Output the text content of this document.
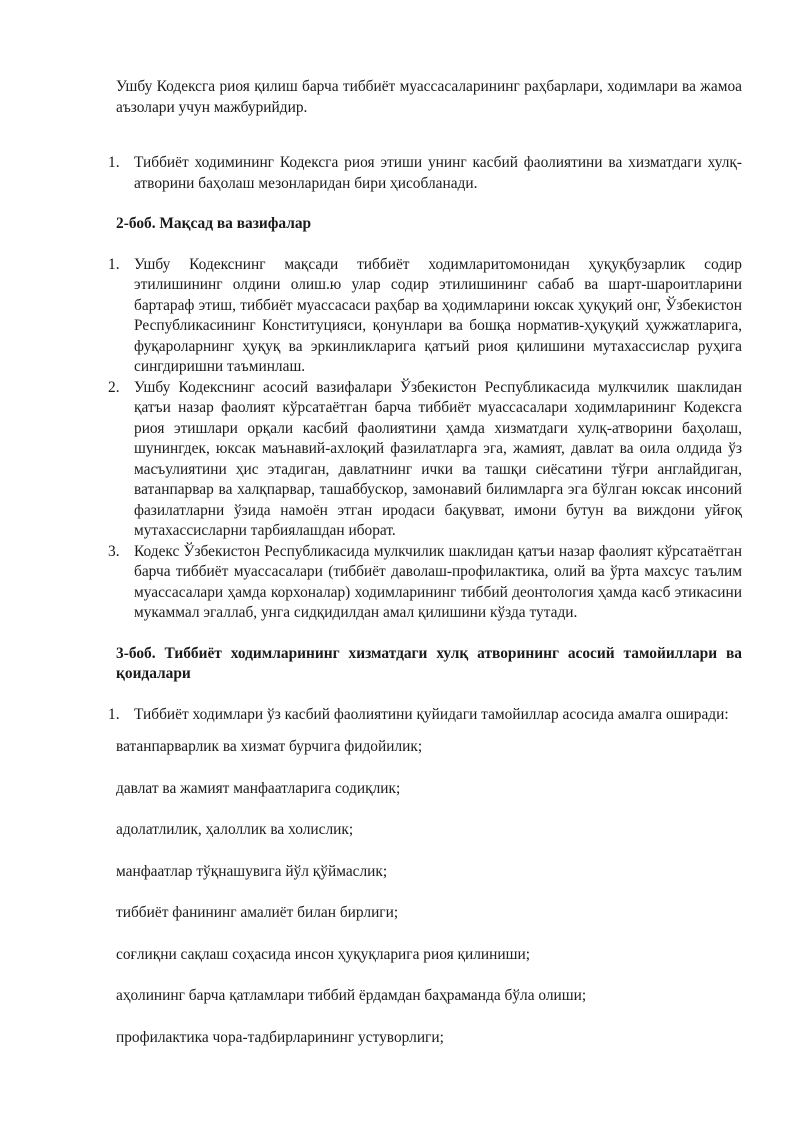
Ушбу Кодексга риоя қилиш барча тиббиёт муассасаларининг раҳбарлари, ходимлари ва жамоа аъзолари учун мажбурийдир.

1. Тиббиёт ходимининг Кодексга риоя этиши унинг касбий фаолиятини ва хизматдаги хулқ-атворини баҳолаш мезонларидан бири ҳисобланади.

2-боб. Мақсад ва вазифалар

1. Ушбу Кодекснинг мақсади тиббиёт ходимларитомонидан ҳуқуқбузарлик содир этилишининг олдини олиш.ю улар содир этилишининг сабаб ва шарт-шароитларини бартараф этиш, тиббиёт муассасаси раҳбар ва ҳодимларини юксак ҳуқуқий онг, Ўзбекистон Республикасининг Конституцияси, қонунлари ва бошқа норматив-ҳуқуқий ҳужжатларига, фуқароларнинг ҳуқуқ ва эркинликларига қатъий риоя қилишини мутахассислар руҳига сингдиришни таъминлаш.
2. Ушбу Кодекснинг асосий вазифалари Ўзбекистон Республикасида мулкчилик шаклидан қатъи назар фаолият кўрсатаётган барча тиббиёт муассасалари ходимларининг Кодексга риоя этишлари орқали касбий фаолиятини ҳамда хизматдаги хулқ-атворини баҳолаш, шунингдек, юксак маънавий-ахлоқий фазилатларга эга, жамият, давлат ва оила олдида ўз масъулиятини ҳис этадиган, давлатнинг ички ва ташқи сиёсатини тўғри англайдиган, ватанпарвар ва халқпарвар, ташаббускор, замонавий билимларга эга бўлган юксак инсоний фазилатларни ўзида намоён этган иродаси бақувват, имони бутун ва виждони уйғоқ мутахассисларни тарбиялашдан иборат.
3. Кодекс Ўзбекистон Республикасида мулкчилик шаклидан қатъи назар фаолият кўрсатаётган барча тиббиёт муассасалари (тиббиёт даволаш-профилактика, олий ва ўрта махсус таълим муассасалари ҳамда корхоналар) ходимларининг тиббий деонтология ҳамда касб этикасини мукаммал эгаллаб, унга сидқидилдан амал қилишини кўзда тутади.

3-боб. Тиббиёт ходимларининг хизматдаги хулқ атворининг асосий тамойиллари ва қоидалари

1. Тиббиёт ходимлари ўз касбий фаолиятини қуйидаги тамойиллар асосида амалга оширади:

ватанпарварлик ва хизмат бурчига фидойилик;

давлат ва жамият манфаатларига содиқлик;

адолатлилик, ҳалоллик ва холислик;

манфаатлар тўқнашувига йўл қўймаслик;

тиббиёт фанининг амалиёт билан бирлиги;

соғлиқни сақлаш соҳасида инсон ҳуқуқларига риоя қилиниши;

аҳолининг барча қатламлари тиббий ёрдамдан баҳраманда бўла олиши;

профилактика чора-тадбирларининг устуворлиги;
